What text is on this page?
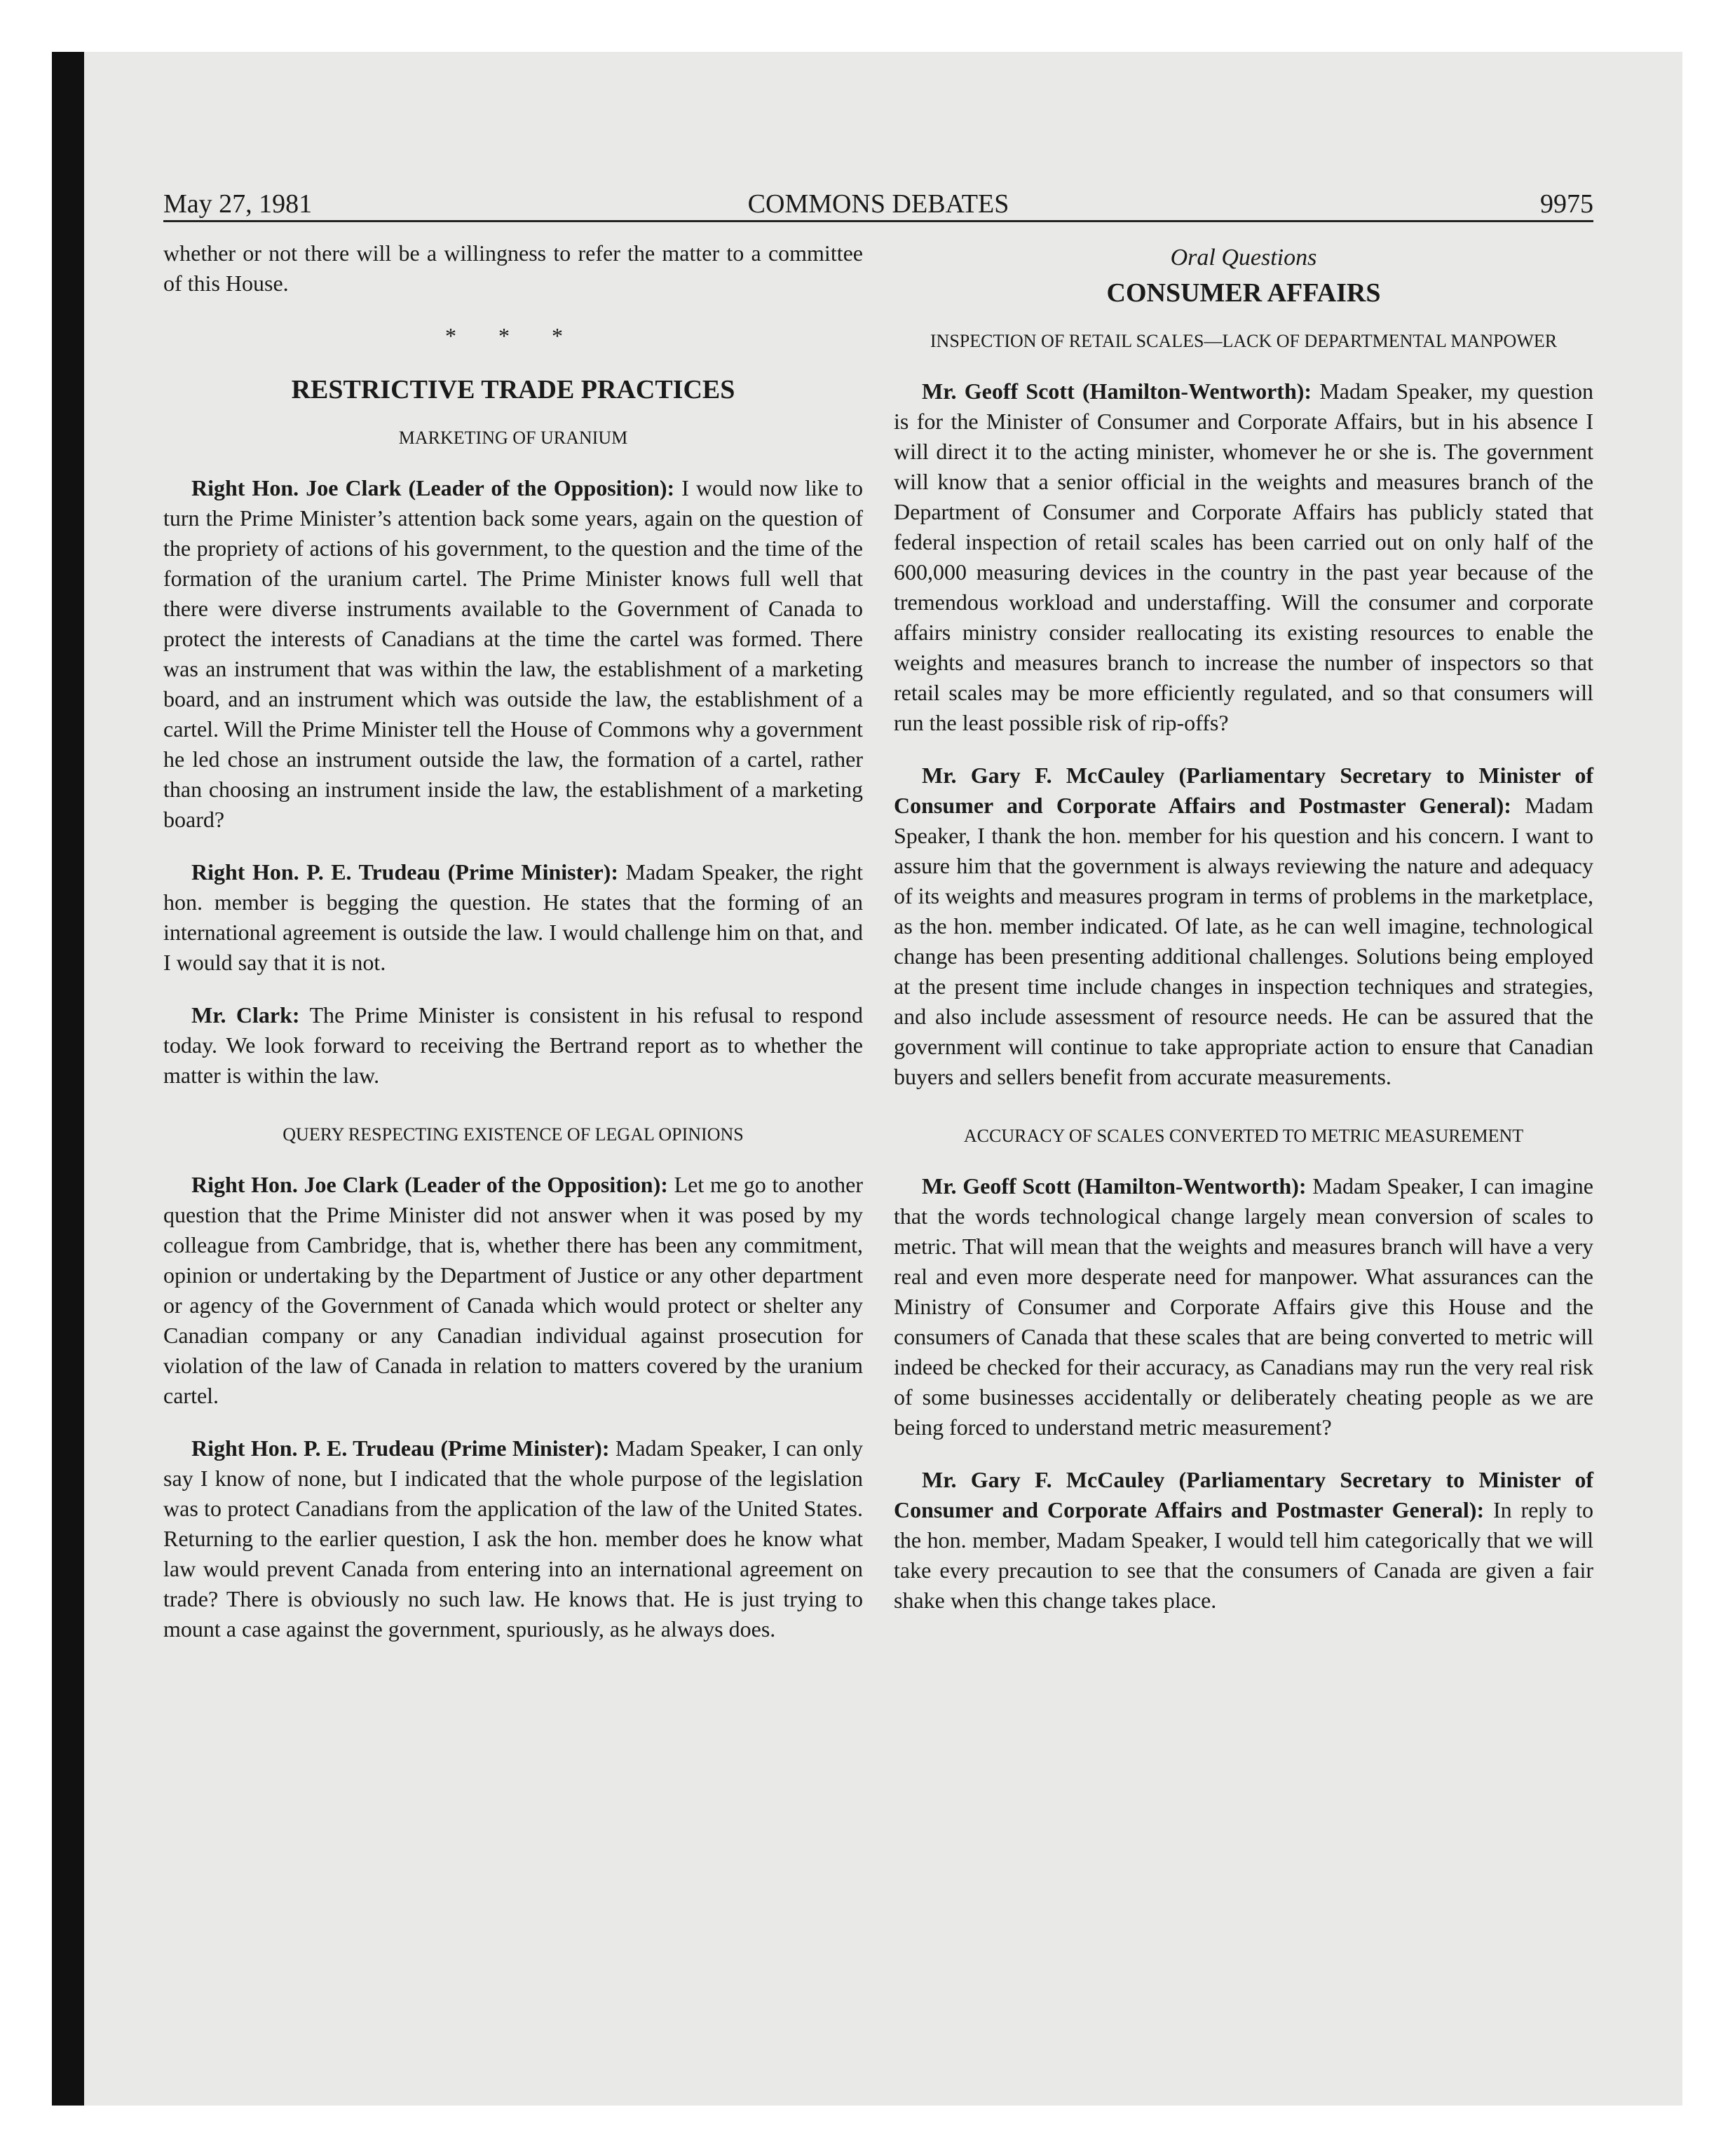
May 27, 1981	COMMONS DEBATES	9975

whether or not there will be a willingness to refer the matter to a committee of this House.

* * *
RESTRICTIVE TRADE PRACTICES
MARKETING OF URANIUM

Right Hon. Joe Clark (Leader of the Opposition): I would now like to turn the Prime Minister’s attention back some years, again on the question of the propriety of actions of his government, to the question and the time of the formation of the uranium cartel. The Prime Minister knows full well that there were diverse instruments available to the Government of Canada to protect the interests of Canadians at the time the cartel was formed. There was an instrument that was within the law, the establishment of a marketing board, and an instrument which was outside the law, the establishment of a cartel. Will the Prime Minister tell the House of Commons why a government he led chose an instrument outside the law, the formation of a cartel, rather than choosing an instrument inside the law, the establishment of a marketing board?

Right Hon. P. E. Trudeau (Prime Minister): Madam Speaker, the right hon. member is begging the question. He states that the forming of an international agreement is outside the law. I would challenge him on that, and I would say that it is not.

Mr. Clark: The Prime Minister is consistent in his refusal to respond today. We look forward to receiving the Bertrand report as to whether the matter is within the law.

QUERY RESPECTING EXISTENCE OF LEGAL OPINIONS

Right Hon. Joe Clark (Leader of the Opposition): Let me go to another question that the Prime Minister did not answer when it was posed by my colleague from Cambridge, that is, whether there has been any commitment, opinion or undertaking by the Department of Justice or any other department or agency of the Government of Canada which would protect or shelter any Canadian company or any Canadian individual against prosecution for violation of the law of Canada in relation to matters covered by the uranium cartel.

Right Hon. P. E. Trudeau (Prime Minister): Madam Speaker, I can only say I know of none, but I indicated that the whole purpose of the legislation was to protect Canadians from the application of the law of the United States. Returning to the earlier question, I ask the hon. member does he know what law would prevent Canada from entering into an international agreement on trade? There is obviously no such law. He knows that. He is just trying to mount a case against the government, spuriously, as he always does.

Oral Questions
CONSUMER AFFAIRS
INSPECTION OF RETAIL SCALES—LACK OF DEPARTMENTAL MANPOWER

Mr. Geoff Scott (Hamilton-Wentworth): Madam Speaker, my question is for the Minister of Consumer and Corporate Affairs, but in his absence I will direct it to the acting minister, whomever he or she is. The government will know that a senior official in the weights and measures branch of the Department of Consumer and Corporate Affairs has publicly stated that federal inspection of retail scales has been carried out on only half of the 600,000 measuring devices in the country in the past year because of the tremendous workload and understaffing. Will the consumer and corporate affairs ministry consider reallocating its existing resources to enable the weights and measures branch to increase the number of inspectors so that retail scales may be more efficiently regulated, and so that consumers will run the least possible risk of rip-offs?

Mr. Gary F. McCauley (Parliamentary Secretary to Minister of Consumer and Corporate Affairs and Postmaster General): Madam Speaker, I thank the hon. member for his question and his concern. I want to assure him that the government is always reviewing the nature and adequacy of its weights and measures program in terms of problems in the marketplace, as the hon. member indicated. Of late, as he can well imagine, technological change has been presenting additional challenges. Solutions being employed at the present time include changes in inspection techniques and strategies, and also include assessment of resource needs. He can be assured that the government will continue to take appropriate action to ensure that Canadian buyers and sellers benefit from accurate measurements.

ACCURACY OF SCALES CONVERTED TO METRIC MEASUREMENT

Mr. Geoff Scott (Hamilton-Wentworth): Madam Speaker, I can imagine that the words technological change largely mean conversion of scales to metric. That will mean that the weights and measures branch will have a very real and even more desperate need for manpower. What assurances can the Ministry of Consumer and Corporate Affairs give this House and the consumers of Canada that these scales that are being converted to metric will indeed be checked for their accuracy, as Canadians may run the very real risk of some businesses accidentally or deliberately cheating people as we are being forced to understand metric measurement?

Mr. Gary F. McCauley (Parliamentary Secretary to Minister of Consumer and Corporate Affairs and Postmaster General): In reply to the hon. member, Madam Speaker, I would tell him categorically that we will take every precaution to see that the consumers of Canada are given a fair shake when this change takes place.
